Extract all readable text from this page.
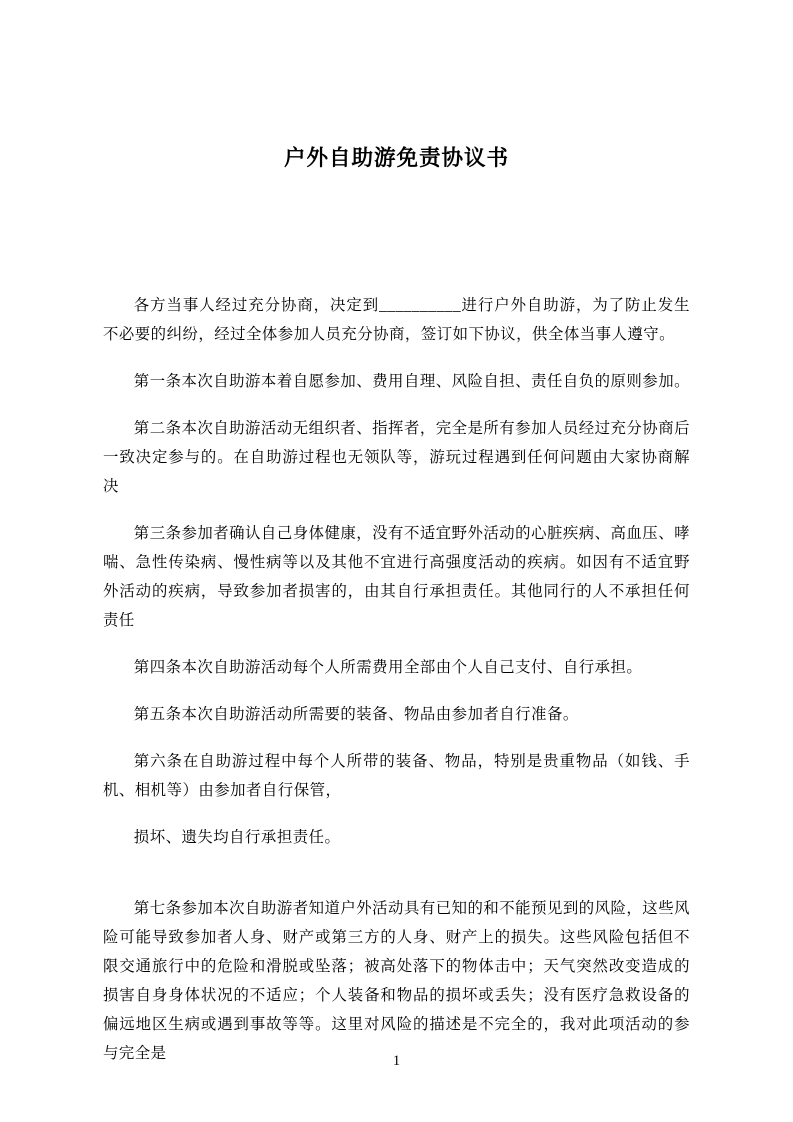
户外自助游免责协议书

各方当事人经过充分协商，决定到__________进行户外自助游，为了防止发生不必要的纠纷，经过全体参加人员充分协商，签订如下协议，供全体当事人遵守。

第一条本次自助游本着自愿参加、费用自理、风险自担、责任自负的原则参加。

第二条本次自助游活动无组织者、指挥者，完全是所有参加人员经过充分协商后一致决定参与的。在自助游过程也无领队等，游玩过程遇到任何问题由大家协商解决

第三条参加者确认自己身体健康，没有不适宜野外活动的心脏疾病、高血压、哮喘、急性传染病、慢性病等以及其他不宜进行高强度活动的疾病。如因有不适宜野外活动的疾病，导致参加者损害的，由其自行承担责任。其他同行的人不承担任何责任

第四条本次自助游活动每个人所需费用全部由个人自己支付、自行承担。

第五条本次自助游活动所需要的装备、物品由参加者自行准备。

第六条在自助游过程中每个人所带的装备、物品，特别是贵重物品（如钱、手机、相机等）由参加者自行保管，

损坏、遗失均自行承担责任。

第七条参加本次自助游者知道户外活动具有已知的和不能预见到的风险，这些风险可能导致参加者人身、财产或第三方的人身、财产上的损失。这些风险包括但不限交通旅行中的危险和滑脱或坠落；被高处落下的物体击中；天气突然改变造成的损害自身身体状况的不适应；个人装备和物品的损坏或丢失；没有医疗急救设备的偏远地区生病或遇到事故等等。这里对风险的描述是不完全的，我对此项活动的参与完全是	1
